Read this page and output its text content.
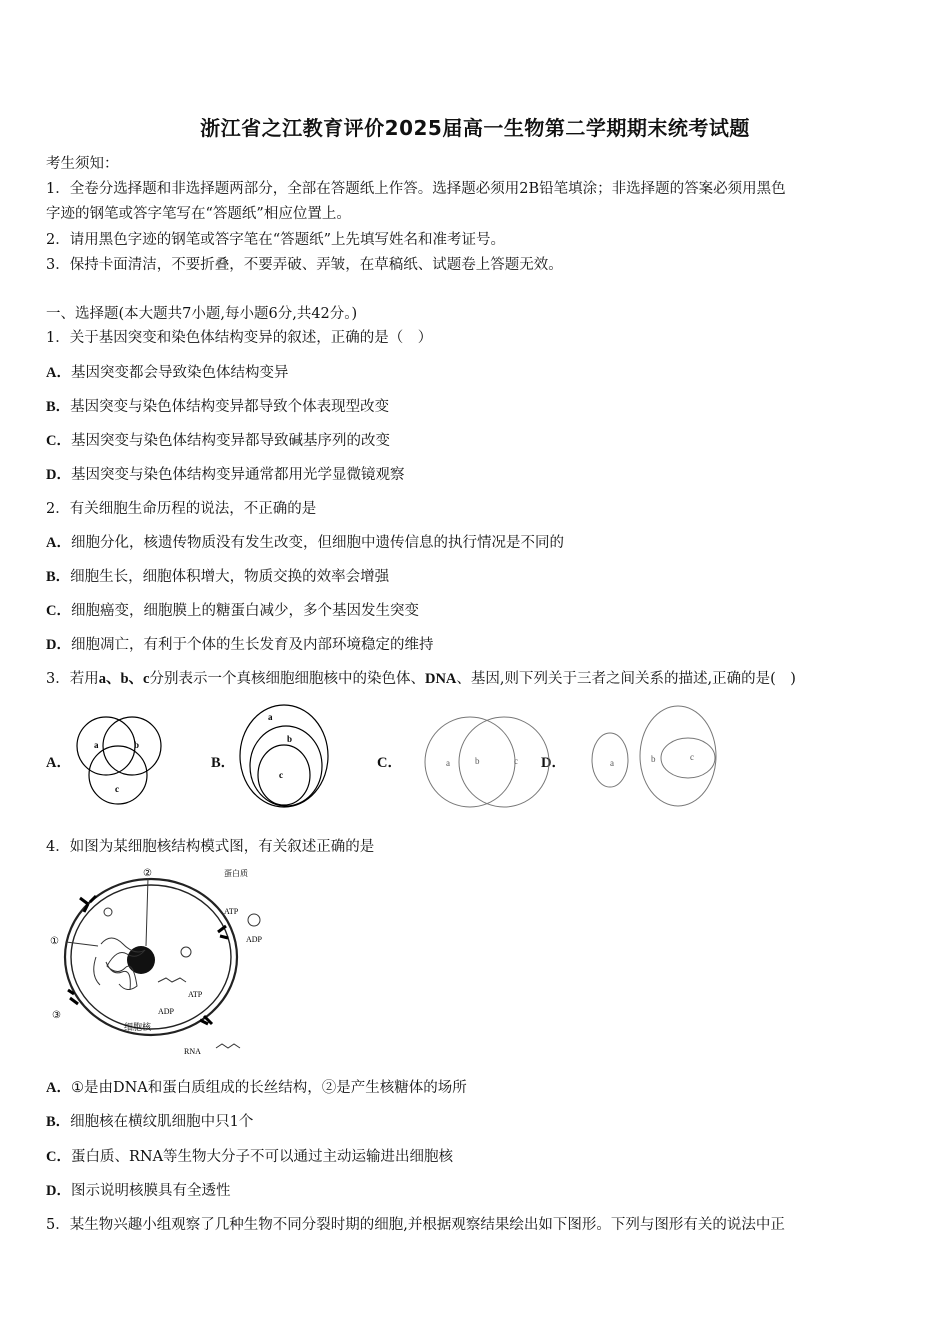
浙江省之江教育评价2025届高一生物第二学期期末统考试题
考生须知：
1．全卷分选择题和非选择题两部分，全部在答题纸上作答。选择题必须用2B铅笔填涂；非选择题的答案必须用黑色
字迹的钢笔或答字笔写在“答题纸”相应位置上。
2．请用黑色字迹的钢笔或答字笔在“答题纸”上先填写姓名和准考证号。
3．保持卡面清洁，不要折叠，不要弄破、弄皱，在草稿纸、试题卷上答题无效。
一、选择题(本大题共7小题,每小题6分,共42分。)
1．关于基因突变和染色体结构变异的叙述，正确的是（　）
A．基因突变都会导致染色体结构变异
B．基因突变与染色体结构变异都导致个体表现型改变
C．基因突变与染色体结构变异都导致碱基序列的改变
D．基因突变与染色体结构变异通常都用光学显微镜观察
2．有关细胞生命历程的说法，不正确的是
A．细胞分化，核遗传物质没有发生改变，但细胞中遗传信息的执行情况是不同的
B．细胞生长，细胞体积增大，物质交换的效率会增强
C．细胞癌变，细胞膜上的糖蛋白减少，多个基因发生突变
D．细胞凋亡，有利于个体的生长发育及内部环境稳定的维持
3．若用a、b、c分别表示一个真核细胞细胞核中的染色体、DNA、基因,则下列关于三者之间关系的描述,正确的是(　)
A．	B．	C．	D．
a	b
c
a
b
c
a	b	c	a	b	c
4．如图为某细胞核结构模式图，有关叙述正确的是
②
①
③
蛋白质
ATP
ADP
ATP
ADP
细胞核
RNA
A．①是由DNA和蛋白质组成的长丝结构，②是产生核糖体的场所
B．细胞核在横纹肌细胞中只1个
C．蛋白质、RNA等生物大分子不可以通过主动运输进出细胞核
D．图示说明核膜具有全透性
5．某生物兴趣小组观察了几种生物不同分裂时期的细胞,并根据观察结果绘出如下图形。下列与图形有关的说法中正
